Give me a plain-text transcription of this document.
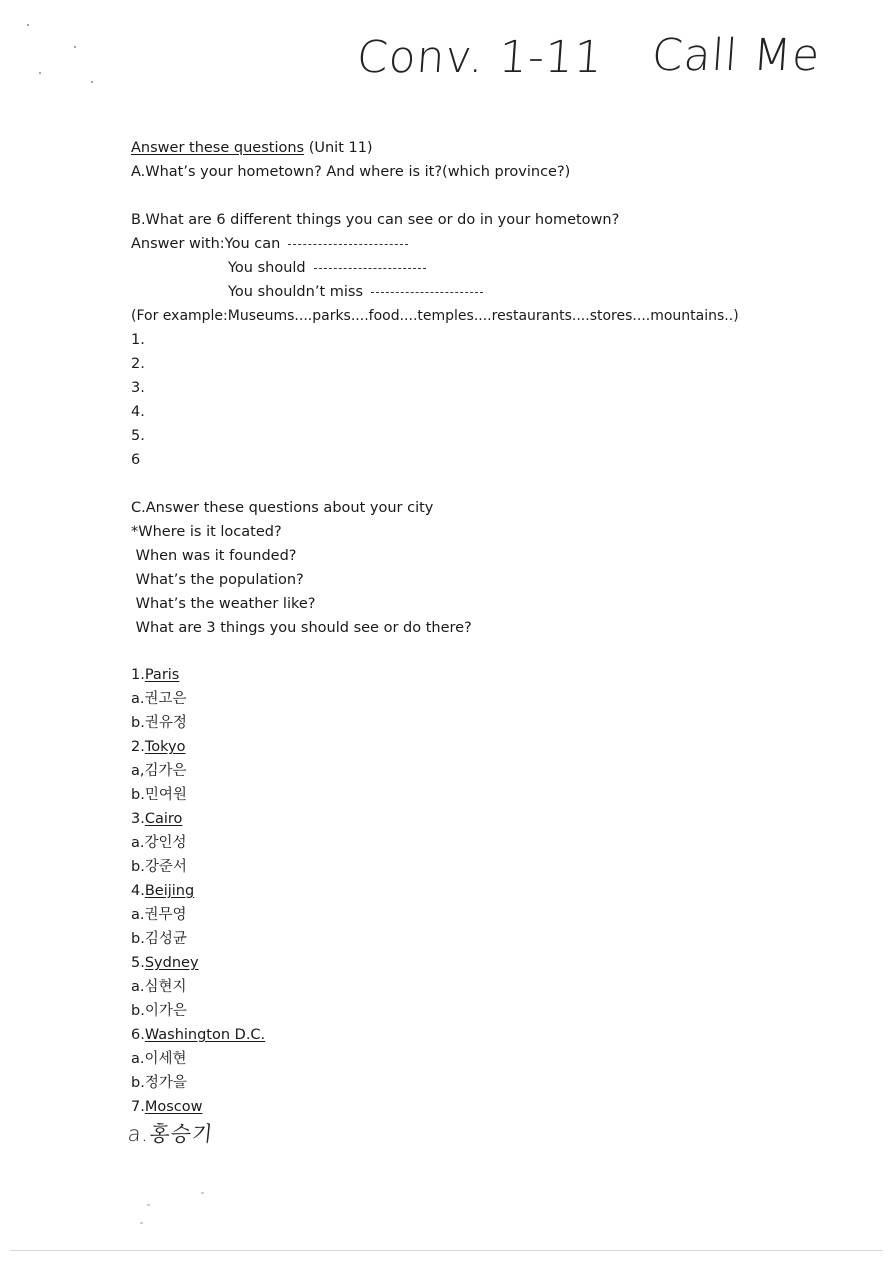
Conv. 1-11 Call Me
Answer these questions (Unit 11)
A.What’s your hometown? And where is it?(which province?)
B.What are 6 different things you can see or do in your hometown?
Answer with:You can
You should
You shouldn’t miss
(For example:Museums....parks....food....temples....restaurants....stores....mountains..)
1.
2.
3.
4.
5.
6
C.Answer these questions about your city
*Where is it located?
When was it founded?
What’s the population?
What’s the weather like?
What are 3 things you should see or do there?
1.Paris
a.권고은
b.권유정
2.Tokyo
a,김가은
b.민여원
3.Cairo
a.강인성
b.강준서
4.Beijing
a.권무영
b.김성균
5.Sydney
a.심현지
b.이가은
6.Washington D.C.
a.이세현
b.정가을
7.Moscow
a.홍승기
